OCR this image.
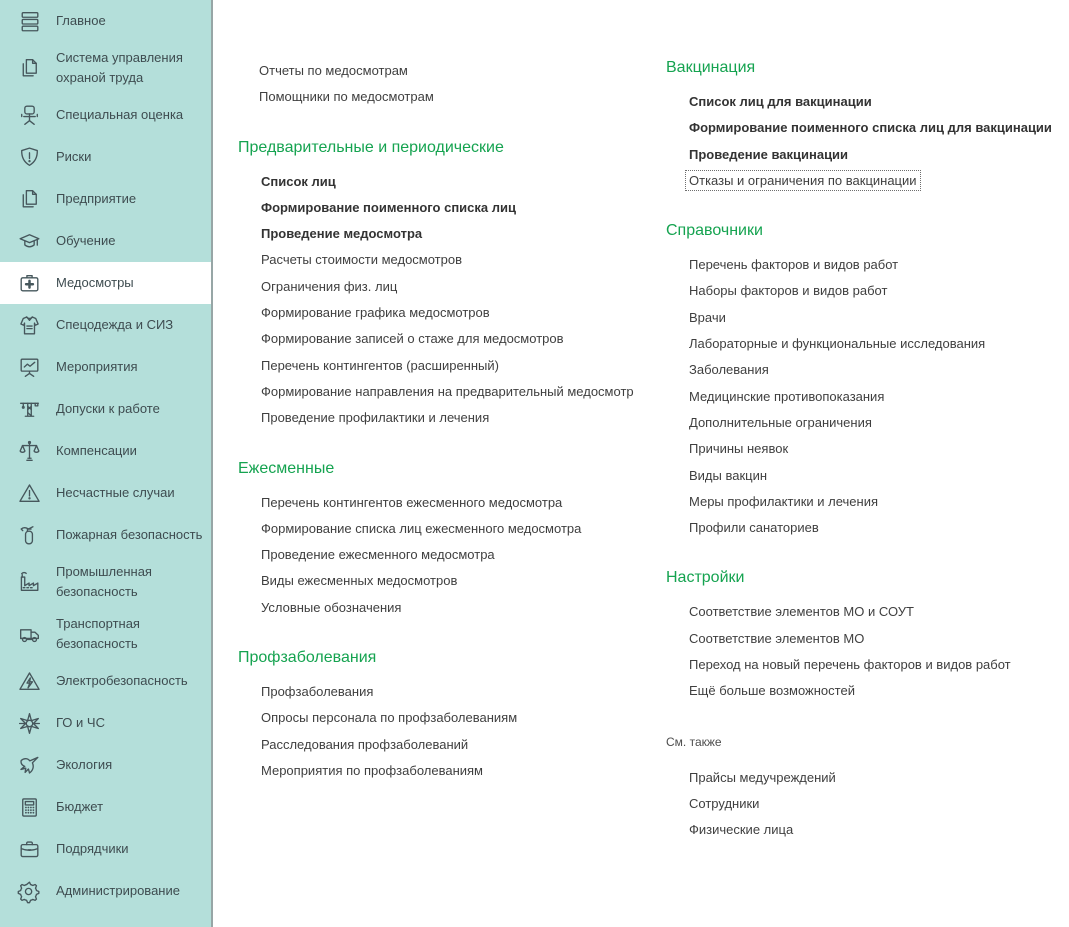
Главное
Система управления охраной труда
Специальная оценка
Риски
Предприятие
Обучение
Медосмотры
Спецодежда и СИЗ
Мероприятия
Допуски к работе
Компенсации
Несчастные случаи
Пожарная безопасность
Промышленная безопасность
Транспортная безопасность
Электробезопасность
ГО и ЧС
Экология
Бюджет
Подрядчики
Администрирование
Отчеты по медосмотрам
Помощники по медосмотрам
Предварительные и периодические
Список лиц
Формирование поименного списка лиц
Проведение медосмотра
Расчеты стоимости медосмотров
Ограничения физ. лиц
Формирование графика медосмотров
Формирование записей о стаже для медосмотров
Перечень контингентов (расширенный)
Формирование направления на предварительный медосмотр
Проведение профилактики и лечения
Ежесменные
Перечень контингентов ежесменного медосмотра
Формирование списка лиц ежесменного медосмотра
Проведение ежесменного медосмотра
Виды ежесменных медосмотров
Условные обозначения
Профзаболевания
Профзаболевания
Опросы персонала по профзаболеваниям
Расследования профзаболеваний
Мероприятия по профзаболеваниям
Вакцинация
Список лиц для вакцинации
Формирование поименного списка лиц для вакцинации
Проведение вакцинации
Отказы и ограничения по вакцинации
Справочники
Перечень факторов и видов работ
Наборы факторов и видов работ
Врачи
Лабораторные и функциональные исследования
Заболевания
Медицинские противопоказания
Дополнительные ограничения
Причины неявок
Виды вакцин
Меры профилактики и лечения
Профили санаториев
Настройки
Соответствие элементов МО и СОУТ
Соответствие элементов МО
Переход на новый перечень факторов и видов работ
Ещё больше возможностей
См. также
Прайсы медучреждений
Сотрудники
Физические лица
